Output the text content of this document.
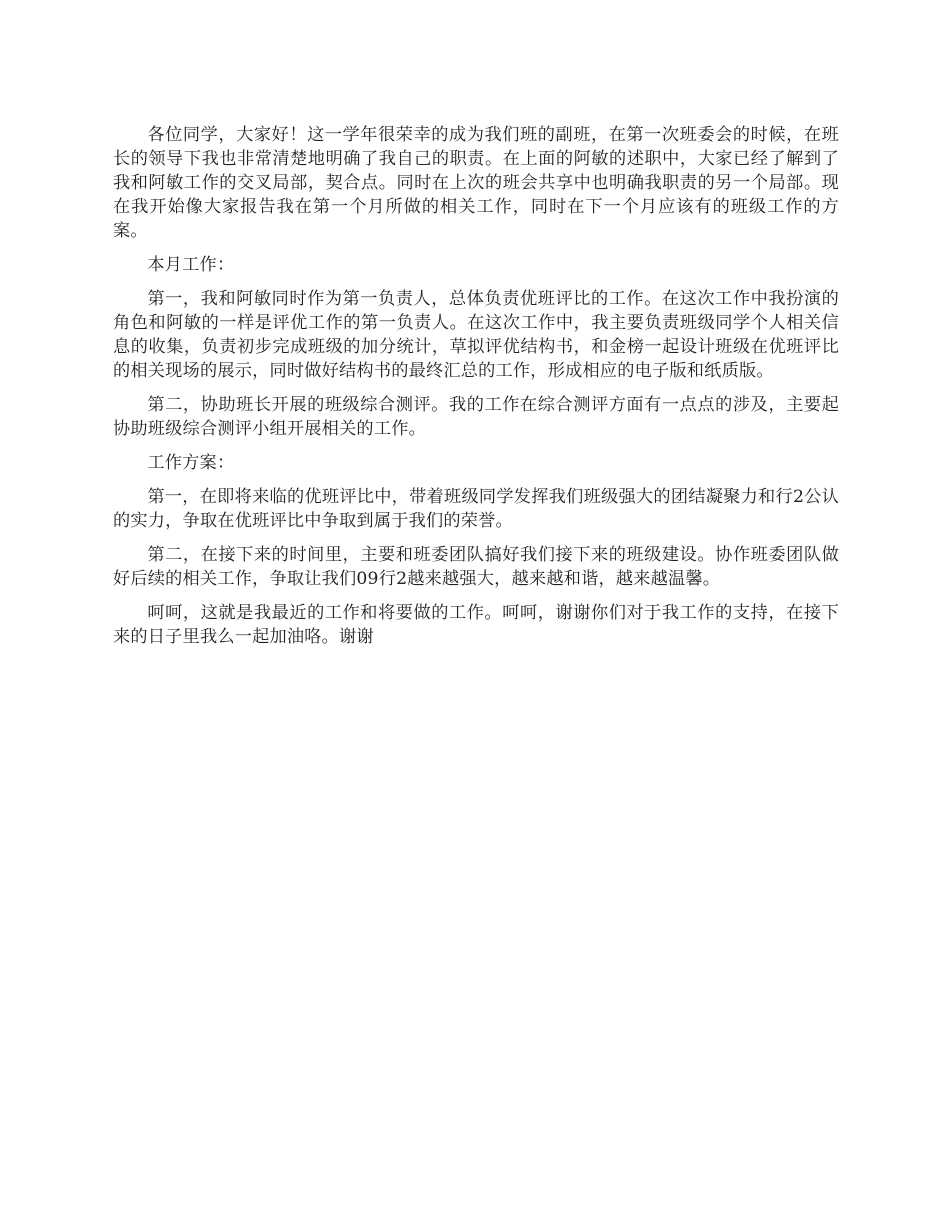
各位同学，大家好！这一学年很荣幸的成为我们班的副班，在第一次班委会的时候，在班长的领导下我也非常清楚地明确了我自己的职责。在上面的阿敏的述职中，大家已经了解到了我和阿敏工作的交叉局部，契合点。同时在上次的班会共享中也明确我职责的另一个局部。现在我开始像大家报告我在第一个月所做的相关工作，同时在下一个月应该有的班级工作的方案。

本月工作：

第一，我和阿敏同时作为第一负责人，总体负责优班评比的工作。在这次工作中我扮演的角色和阿敏的一样是评优工作的第一负责人。在这次工作中，我主要负责班级同学个人相关信息的收集，负责初步完成班级的加分统计，草拟评优结构书，和金榜一起设计班级在优班评比的相关现场的展示，同时做好结构书的最终汇总的工作，形成相应的电子版和纸质版。

第二，协助班长开展的班级综合测评。我的工作在综合测评方面有一点点的涉及，主要起协助班级综合测评小组开展相关的工作。

工作方案：

第一，在即将来临的优班评比中，带着班级同学发挥我们班级强大的团结凝聚力和行2公认的实力，争取在优班评比中争取到属于我们的荣誉。

第二，在接下来的时间里，主要和班委团队搞好我们接下来的班级建设。协作班委团队做好后续的相关工作，争取让我们09行2越来越强大，越来越和谐，越来越温馨。

呵呵，这就是我最近的工作和将要做的工作。呵呵，谢谢你们对于我工作的支持，在接下来的日子里我么一起加油咯。谢谢
